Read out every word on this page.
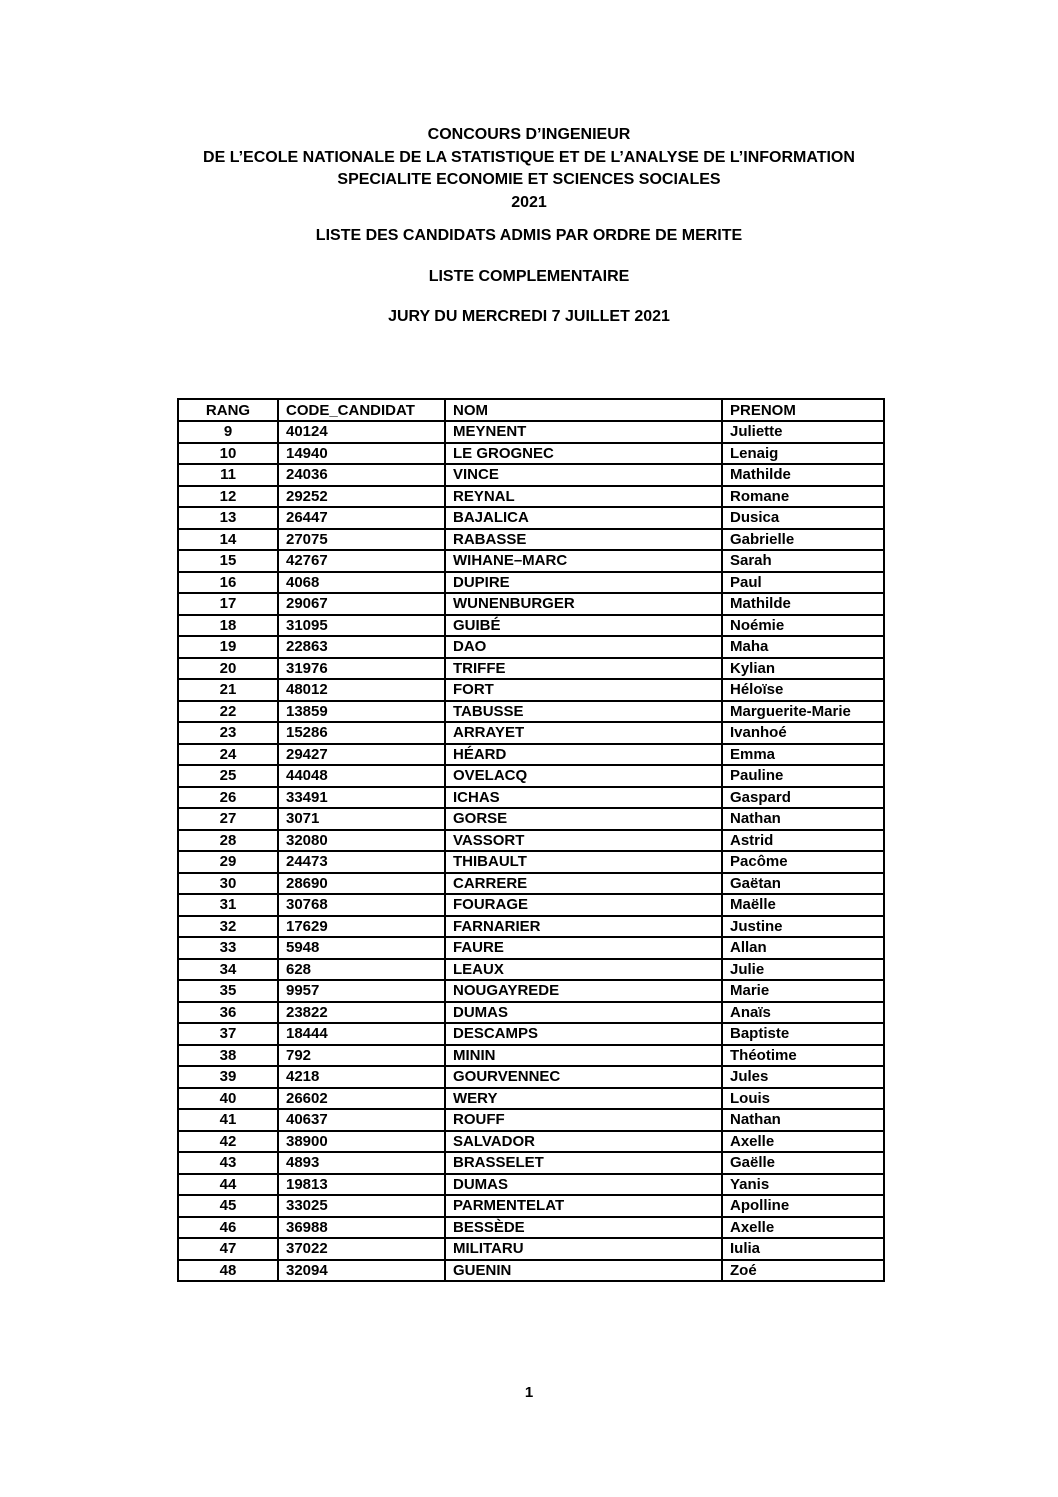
CONCOURS D’INGENIEUR
DE L’ECOLE NATIONALE DE LA STATISTIQUE ET DE L’ANALYSE DE L’INFORMATION
SPECIALITE ECONOMIE ET SCIENCES SOCIALES
2021
LISTE DES CANDIDATS ADMIS PAR ORDRE DE MERITE
LISTE COMPLEMENTAIRE
JURY DU MERCREDI 7 JUILLET 2021
RANG	CODE_CANDIDAT	NOM	PRENOM
9	40124	MEYNENT	Juliette
10	14940	LE GROGNEC	Lenaig
11	24036	VINCE	Mathilde
12	29252	REYNAL	Romane
13	26447	BAJALICA	Dusica
14	27075	RABASSE	Gabrielle
15	42767	WIHANE–MARC	Sarah
16	4068	DUPIRE	Paul
17	29067	WUNENBURGER	Mathilde
18	31095	GUIBÉ	Noémie
19	22863	DAO	Maha
20	31976	TRIFFE	Kylian
21	48012	FORT	Héloïse
22	13859	TABUSSE	Marguerite-Marie
23	15286	ARRAYET	Ivanhoé
24	29427	HÉARD	Emma
25	44048	OVELACQ	Pauline
26	33491	ICHAS	Gaspard
27	3071	GORSE	Nathan
28	32080	VASSORT	Astrid
29	24473	THIBAULT	Pacôme
30	28690	CARRERE	Gaëtan
31	30768	FOURAGE	Maëlle
32	17629	FARNARIER	Justine
33	5948	FAURE	Allan
34	628	LEAUX	Julie
35	9957	NOUGAYREDE	Marie
36	23822	DUMAS	Anaïs
37	18444	DESCAMPS	Baptiste
38	792	MININ	Théotime
39	4218	GOURVENNEC	Jules
40	26602	WERY	Louis
41	40637	ROUFF	Nathan
42	38900	SALVADOR	Axelle
43	4893	BRASSELET	Gaëlle
44	19813	DUMAS	Yanis
45	33025	PARMENTELAT	Apolline
46	36988	BESSÈDE	Axelle
47	37022	MILITARU	Iulia
48	32094	GUENIN	Zoé
1
